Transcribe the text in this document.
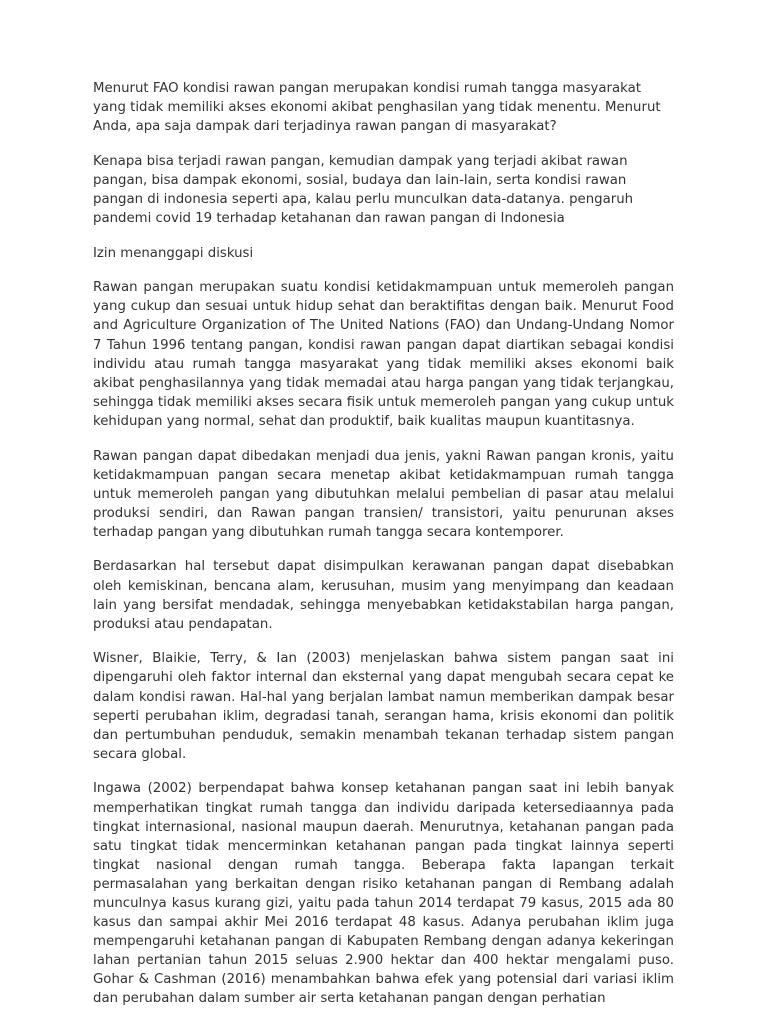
Menurut FAO kondisi rawan pangan merupakan kondisi rumah tangga masyarakat yang tidak memiliki akses ekonomi akibat penghasilan yang tidak menentu. Menurut Anda, apa saja dampak dari terjadinya rawan pangan di masyarakat?

Kenapa bisa terjadi rawan pangan, kemudian dampak yang terjadi akibat rawan pangan, bisa dampak ekonomi, sosial, budaya dan lain-lain, serta kondisi rawan pangan di indonesia seperti apa, kalau perlu munculkan data-datanya. pengaruh pandemi covid 19 terhadap ketahanan dan rawan pangan di Indonesia

Izin menanggapi diskusi

Rawan pangan merupakan suatu kondisi ketidakmampuan untuk memeroleh pangan yang cukup dan sesuai untuk hidup sehat dan beraktifitas dengan baik. Menurut Food and Agriculture Organization of The United Nations (FAO) dan Undang-Undang Nomor 7 Tahun 1996 tentang pangan, kondisi rawan pangan dapat diartikan sebagai kondisi individu atau rumah tangga masyarakat yang tidak memiliki akses ekonomi baik akibat penghasilannya yang tidak memadai atau harga pangan yang tidak terjangkau, sehingga tidak memiliki akses secara fisik untuk memeroleh pangan yang cukup untuk kehidupan yang normal, sehat dan produktif, baik kualitas maupun kuantitasnya.

Rawan pangan dapat dibedakan menjadi dua jenis, yakni Rawan pangan kronis, yaitu ketidakmampuan pangan secara menetap akibat ketidakmampuan rumah tangga untuk memeroleh pangan yang dibutuhkan melalui pembelian di pasar atau melalui produksi sendiri, dan Rawan pangan transien/ transistori, yaitu penurunan akses terhadap pangan yang dibutuhkan rumah tangga secara kontemporer.

Berdasarkan hal tersebut dapat disimpulkan kerawanan pangan dapat disebabkan oleh kemiskinan, bencana alam, kerusuhan, musim yang menyimpang dan keadaan lain yang bersifat mendadak, sehingga menyebabkan ketidakstabilan harga pangan, produksi atau pendapatan.

Wisner, Blaikie, Terry, & Ian (2003) menjelaskan bahwa sistem pangan saat ini dipengaruhi oleh faktor internal dan eksternal yang dapat mengubah secara cepat ke dalam kondisi rawan. Hal-hal yang berjalan lambat namun memberikan dampak besar seperti perubahan iklim, degradasi tanah, serangan hama, krisis ekonomi dan politik dan pertumbuhan penduduk, semakin menambah tekanan terhadap sistem pangan secara global.

Ingawa (2002) berpendapat bahwa konsep ketahanan pangan saat ini lebih banyak memperhatikan tingkat rumah tangga dan individu daripada ketersediaannya pada tingkat internasional, nasional maupun daerah. Menurutnya, ketahanan pangan pada satu tingkat tidak mencerminkan ketahanan pangan pada tingkat lainnya seperti tingkat nasional dengan rumah tangga. Beberapa fakta lapangan terkait permasalahan yang berkaitan dengan risiko ketahanan pangan di Rembang adalah munculnya kasus kurang gizi, yaitu pada tahun 2014 terdapat 79 kasus, 2015 ada 80 kasus dan sampai akhir Mei 2016 terdapat 48 kasus. Adanya perubahan iklim juga mempengaruhi ketahanan pangan di Kabupaten Rembang dengan adanya kekeringan lahan pertanian tahun 2015 seluas 2.900 hektar dan 400 hektar mengalami puso. Gohar & Cashman (2016) menambahkan bahwa efek yang potensial dari variasi iklim dan perubahan dalam sumber air serta ketahanan pangan dengan perhatian
